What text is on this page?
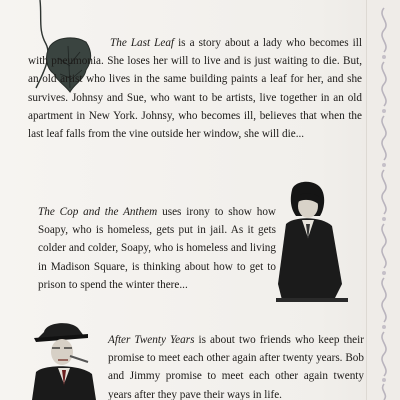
The Last Leaf is a story about a lady who becomes ill with pneumonia. She loses her will to live and is just waiting to die. But, an old artist who lives in the same building paints a leaf for her, and she survives. Johnsy and Sue, who want to be artists, live together in an old apartment in New York. Johnsy, who becomes ill, believes that when the last leaf falls from the vine outside her window, she will die...

The Cop and the Anthem uses irony to show how Soapy, who is homeless, gets put in jail. As it gets colder and colder, Soapy, who is homeless and living in Madison Square, is thinking about how to get to prison to spend the winter there...

After Twenty Years is about two friends who keep their promise to meet each other again after twenty years. Bob and Jimmy promise to meet each other again twenty years after they pave their ways in life.
